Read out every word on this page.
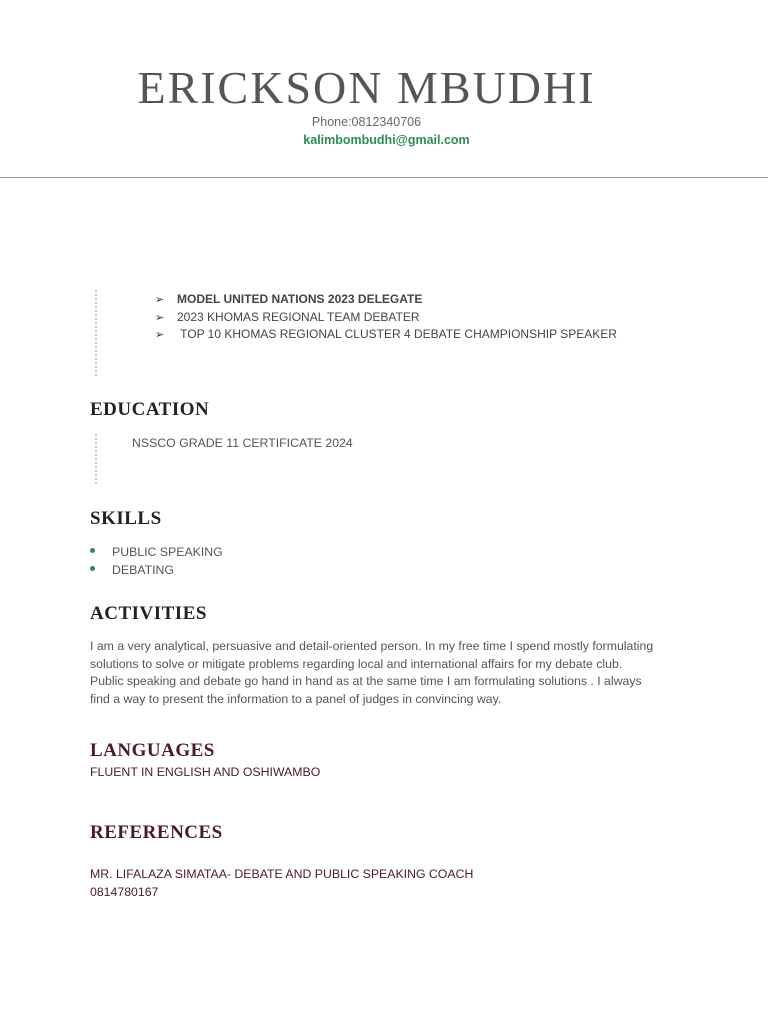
ERICKSON MBUDHI
Phone:0812340706
kalimbombudhi@gmail.com
➢ MODEL UNITED NATIONS 2023 DELEGATE
➢ 2023 KHOMAS REGIONAL TEAM DEBATER
➢ TOP 10 KHOMAS REGIONAL CLUSTER 4 DEBATE CHAMPIONSHIP SPEAKER
EDUCATION
NSSCO GRADE 11 CERTIFICATE 2024
SKILLS
PUBLIC SPEAKING
DEBATING
ACTIVITIES
I am a very analytical, persuasive and detail-oriented person. In my free time I spend mostly formulating
solutions to solve or mitigate problems regarding local and international affairs for my debate club.
Public speaking and debate go hand in hand as at the same time I am formulating solutions . I always
find a way to present the information to a panel of judges in convincing way.
LANGUAGES
FLUENT IN ENGLISH AND OSHIWAMBO
REFERENCES
MR. LIFALAZA SIMATAA- DEBATE AND PUBLIC SPEAKING COACH
0814780167
